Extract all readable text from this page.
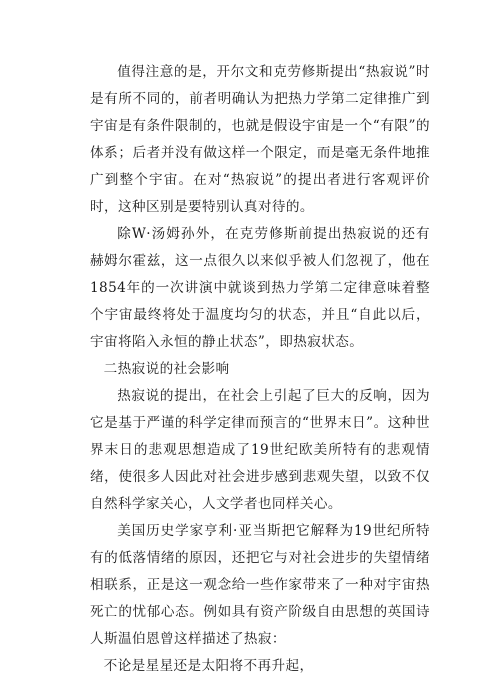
值得注意的是，开尔文和克劳修斯提出“热寂说”时是有所不同的，前者明确认为把热力学第二定律推广到宇宙是有条件限制的，也就是假设宇宙是一个“有限”的体系；后者并没有做这样一个限定，而是毫无条件地推广到整个宇宙。在对“热寂说”的提出者进行客观评价时，这种区别是要特别认真对待的。

除W·汤姆孙外，在克劳修斯前提出热寂说的还有赫姆尔霍兹，这一点很久以来似乎被人们忽视了，他在1854年的一次讲演中就谈到热力学第二定律意味着整个宇宙最终将处于温度均匀的状态，并且“自此以后，宇宙将陷入永恒的静止状态”，即热寂状态。

二热寂说的社会影响

热寂说的提出，在社会上引起了巨大的反响，因为它是基于严谨的科学定律而预言的“世界末日”。这种世界末日的悲观思想造成了19世纪欧美所特有的悲观情绪，使很多人因此对社会进步感到悲观失望，以致不仅自然科学家关心，人文学者也同样关心。

美国历史学家亨利·亚当斯把它解释为19世纪所特有的低落情绪的原因，还把它与对社会进步的失望情绪相联系，正是这一观念给一些作家带来了一种对宇宙热死亡的忧郁心态。例如具有资产阶级自由思想的英国诗人斯温伯恩曾这样描述了热寂：

不论是星星还是太阳将不再升起，
